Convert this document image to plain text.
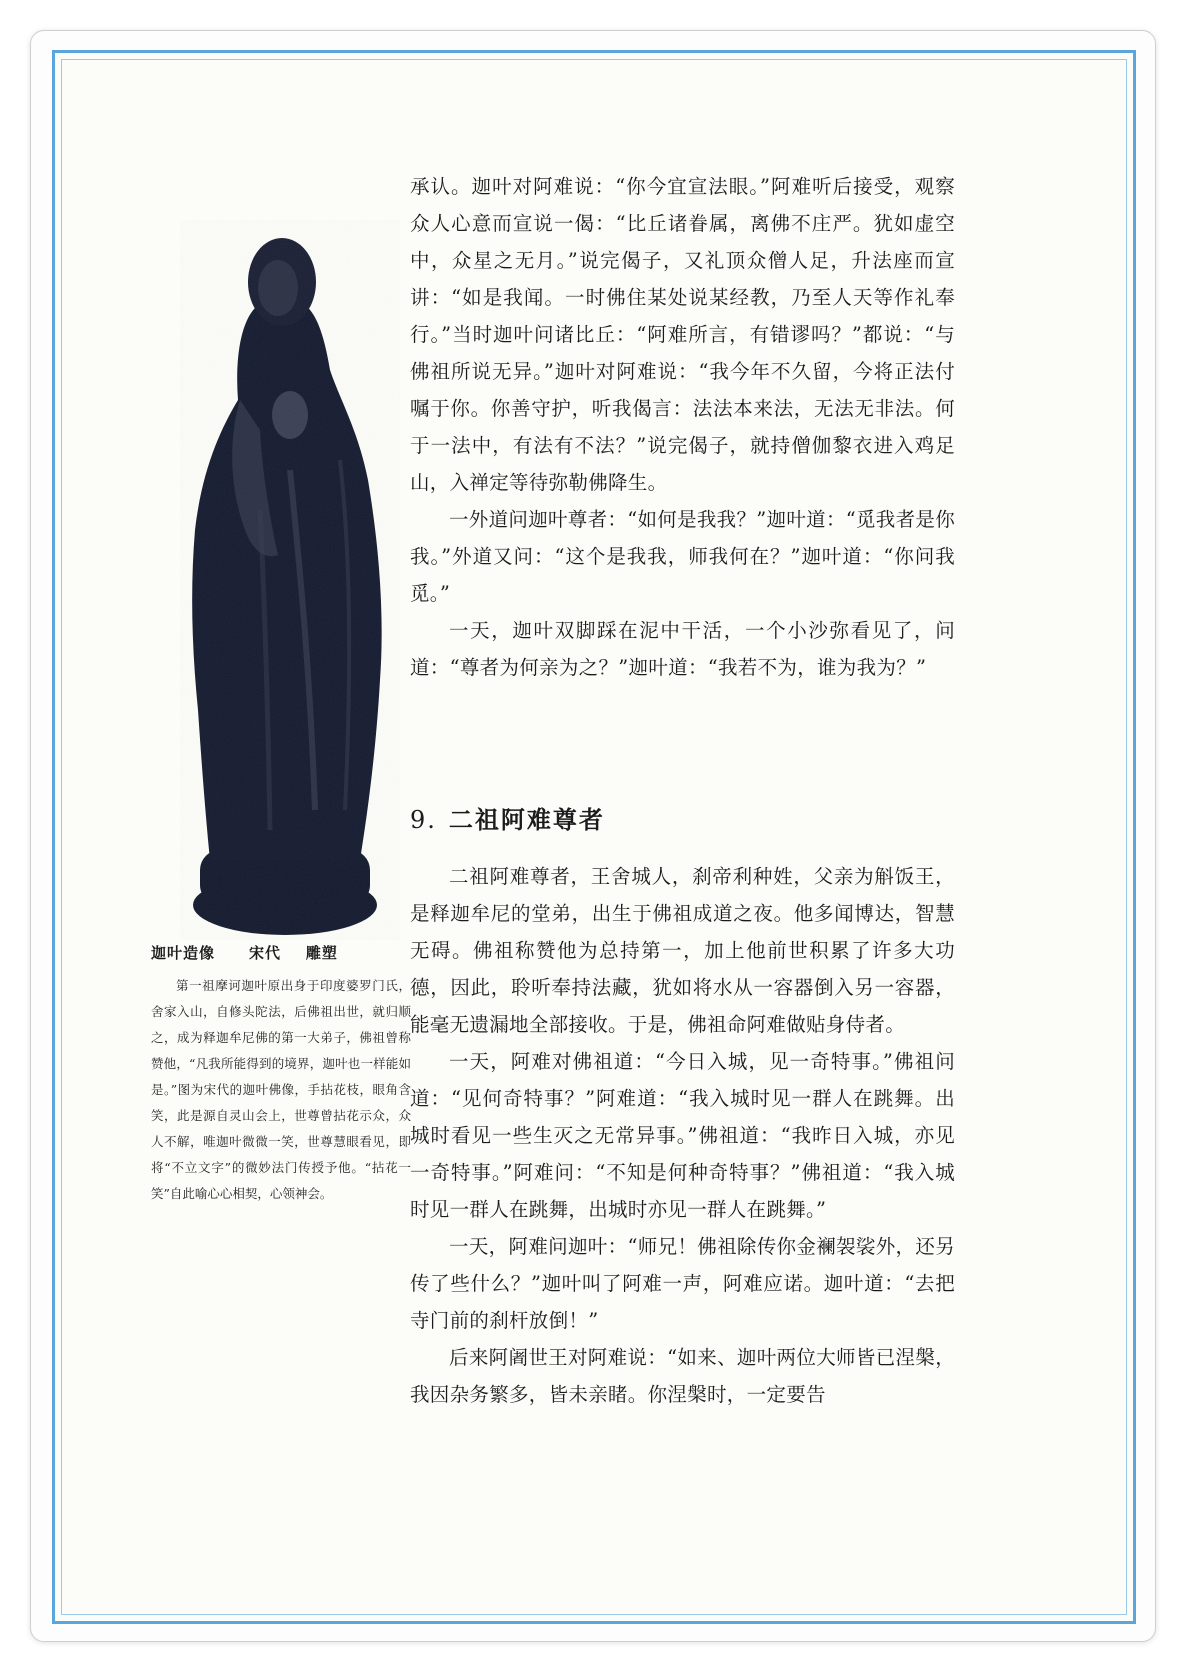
迦叶造像 宋代 雕塑
第一祖摩诃迦叶原出身于印度婆罗门氏，舍家入山，自修头陀法，后佛祖出世，就归顺之，成为释迦牟尼佛的第一大弟子，佛祖曾称赞他，“凡我所能得到的境界，迦叶也一样能如是。”图为宋代的迦叶佛像，手拈花枝，眼角含笑，此是源自灵山会上，世尊曾拈花示众，众人不解，唯迦叶微微一笑，世尊慧眼看见，即将“不立文字”的微妙法门传授予他。“拈花一笑”自此喻心心相契，心领神会。

承认。迦叶对阿难说：“你今宜宣法眼。”阿难听后接受，观察众人心意而宣说一偈：“比丘诸眷属，离佛不庄严。犹如虚空中，众星之无月。”说完偈子，又礼顶众僧人足，升法座而宣讲：“如是我闻。一时佛住某处说某经教，乃至人天等作礼奉行。”当时迦叶问诸比丘：“阿难所言，有错谬吗？”都说：“与佛祖所说无异。”迦叶对阿难说：“我今年不久留，今将正法付嘱于你。你善守护，听我偈言：法法本来法，无法无非法。何于一法中，有法有不法？”说完偈子，就持僧伽黎衣进入鸡足山，入禅定等待弥勒佛降生。

一外道问迦叶尊者：“如何是我我？”迦叶道：“觅我者是你我。”外道又问：“这个是我我，师我何在？”迦叶道：“你问我觅。”

一天，迦叶双脚踩在泥中干活，一个小沙弥看见了，问道：“尊者为何亲为之？”迦叶道：“我若不为，谁为我为？”

9. 二祖阿难尊者

二祖阿难尊者，王舍城人，刹帝利种姓，父亲为斛饭王，是释迦牟尼的堂弟，出生于佛祖成道之夜。他多闻博达，智慧无碍。佛祖称赞他为总持第一，加上他前世积累了许多大功德，因此，聆听奉持法藏，犹如将水从一容器倒入另一容器，能毫无遗漏地全部接收。于是，佛祖命阿难做贴身侍者。

一天，阿难对佛祖道：“今日入城，见一奇特事。”佛祖问道：“见何奇特事？”阿难道：“我入城时见一群人在跳舞。出城时看见一些生灭之无常异事。”佛祖道：“我昨日入城，亦见一奇特事。”阿难问：“不知是何种奇特事？”佛祖道：“我入城时见一群人在跳舞，出城时亦见一群人在跳舞。”

一天，阿难问迦叶：“师兄！佛祖除传你金襕袈裟外，还另传了些什么？”迦叶叫了阿难一声，阿难应诺。迦叶道：“去把寺门前的刹杆放倒！”

后来阿阇世王对阿难说：“如来、迦叶两位大师皆已涅槃，我因杂务繁多，皆未亲睹。你涅槃时，一定要告
